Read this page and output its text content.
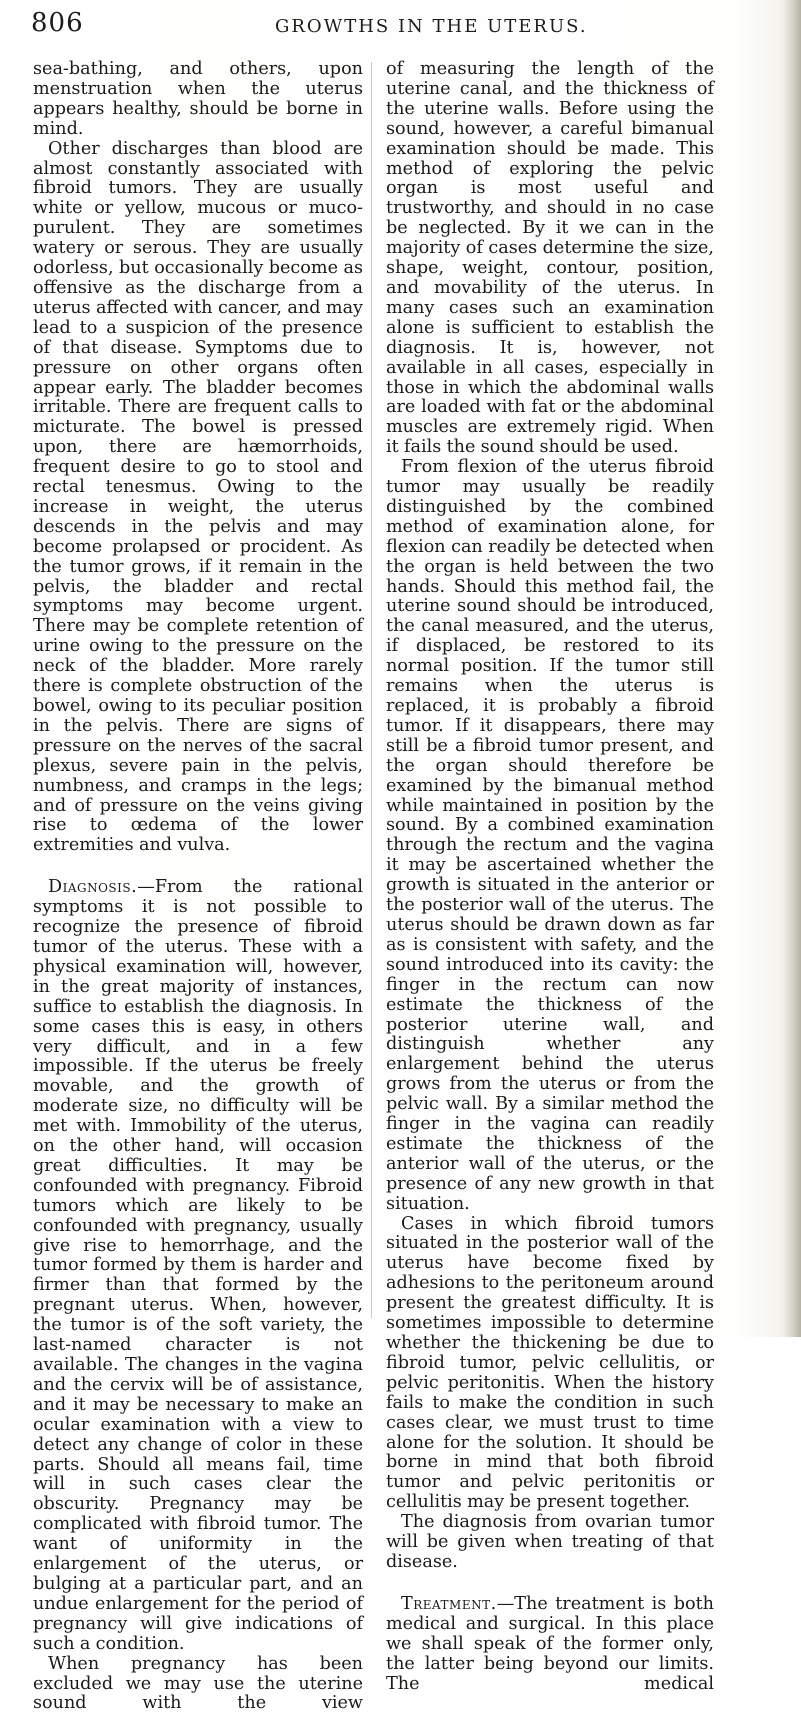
806	GROWTHS IN THE UTERUS.

sea-bathing, and others, upon menstruation when the uterus appears healthy, should be borne in mind.

Other discharges than blood are almost constantly associated with fibroid tumors. They are usually white or yellow, mucous or muco-purulent. They are sometimes watery or serous. They are usually odorless, but occasionally become as offensive as the discharge from a uterus affected with cancer, and may lead to a suspicion of the presence of that disease. Symptoms due to pressure on other organs often appear early. The bladder becomes irritable. There are frequent calls to micturate. The bowel is pressed upon, there are hæmorrhoids, frequent desire to go to stool and rectal tenesmus. Owing to the increase in weight, the uterus descends in the pelvis and may become prolapsed or procident. As the tumor grows, if it remain in the pelvis, the bladder and rectal symptoms may become urgent. There may be complete retention of urine owing to the pressure on the neck of the bladder. More rarely there is complete obstruction of the bowel, owing to its peculiar position in the pelvis. There are signs of pressure on the nerves of the sacral plexus, severe pain in the pelvis, numbness, and cramps in the legs; and of pressure on the veins giving rise to œdema of the lower extremities and vulva.

Diagnosis.—From the rational symptoms it is not possible to recognize the presence of fibroid tumor of the uterus. These with a physical examination will, however, in the great majority of instances, suffice to establish the diagnosis. In some cases this is easy, in others very difficult, and in a few impossible. If the uterus be freely movable, and the growth of moderate size, no difficulty will be met with. Immobility of the uterus, on the other hand, will occasion great difficulties. It may be confounded with pregnancy. Fibroid tumors which are likely to be confounded with pregnancy, usually give rise to hemorrhage, and the tumor formed by them is harder and firmer than that formed by the pregnant uterus. When, however, the tumor is of the soft variety, the last-named character is not available. The changes in the vagina and the cervix will be of assistance, and it may be necessary to make an ocular examination with a view to detect any change of color in these parts. Should all means fail, time will in such cases clear the obscurity. Pregnancy may be complicated with fibroid tumor. The want of uniformity in the enlargement of the uterus, or bulging at a particular part, and an undue enlargement for the period of pregnancy will give indications of such a condition.

When pregnancy has been excluded we may use the uterine sound with the view

of measuring the length of the uterine canal, and the thickness of the uterine walls. Before using the sound, however, a careful bimanual examination should be made. This method of exploring the pelvic organ is most useful and trustworthy, and should in no case be neglected. By it we can in the majority of cases determine the size, shape, weight, contour, position, and movability of the uterus. In many cases such an examination alone is sufficient to establish the diagnosis. It is, however, not available in all cases, especially in those in which the abdominal walls are loaded with fat or the abdominal muscles are extremely rigid. When it fails the sound should be used.

From flexion of the uterus fibroid tumor may usually be readily distinguished by the combined method of examination alone, for flexion can readily be detected when the organ is held between the two hands. Should this method fail, the uterine sound should be introduced, the canal measured, and the uterus, if displaced, be restored to its normal position. If the tumor still remains when the uterus is replaced, it is probably a fibroid tumor. If it disappears, there may still be a fibroid tumor present, and the organ should therefore be examined by the bimanual method while maintained in position by the sound. By a combined examination through the rectum and the vagina it may be ascertained whether the growth is situated in the anterior or the posterior wall of the uterus. The uterus should be drawn down as far as is consistent with safety, and the sound introduced into its cavity: the finger in the rectum can now estimate the thickness of the posterior uterine wall, and distinguish whether any enlargement behind the uterus grows from the uterus or from the pelvic wall. By a similar method the finger in the vagina can readily estimate the thickness of the anterior wall of the uterus, or the presence of any new growth in that situation.

Cases in which fibroid tumors situated in the posterior wall of the uterus have become fixed by adhesions to the peritoneum around present the greatest difficulty. It is sometimes impossible to determine whether the thickening be due to fibroid tumor, pelvic cellulitis, or pelvic peritonitis. When the history fails to make the condition in such cases clear, we must trust to time alone for the solution. It should be borne in mind that both fibroid tumor and pelvic peritonitis or cellulitis may be present together.

The diagnosis from ovarian tumor will be given when treating of that disease.

Treatment.—The treatment is both medical and surgical. In this place we shall speak of the former only, the latter being beyond our limits. The medical
